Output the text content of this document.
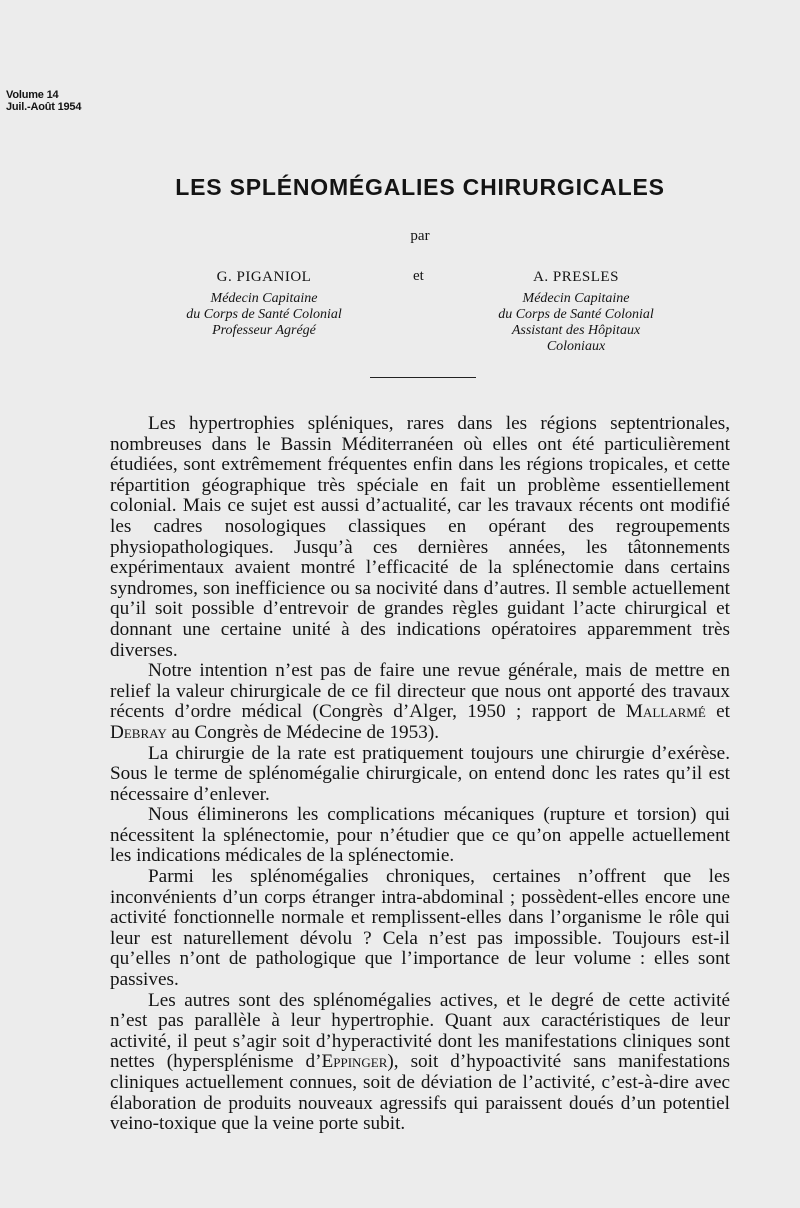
Volume 14
Juil.-Août 1954
LES SPLÉNOMÉGALIES CHIRURGICALES
par
G. PIGANIOL
Médecin Capitaine
du Corps de Santé Colonial
Professeur Agrégé
et	A. PRESLES
Médecin Capitaine
du Corps de Santé Colonial
Assistant des Hôpitaux
Coloniaux

Les hypertrophies spléniques, rares dans les régions septentrionales, nombreuses dans le Bassin Méditerranéen où elles ont été particulièrement étudiées, sont extrêmement fréquentes enfin dans les régions tropicales, et cette répartition géographique très spéciale en fait un problème essentiellement colonial. Mais ce sujet est aussi d’actualité, car les travaux récents ont modifié les cadres nosologiques classiques en opérant des regroupements physiopathologiques. Jusqu’à ces dernières années, les tâtonnements expérimentaux avaient montré l’efficacité de la splénectomie dans certains syndromes, son inefficience ou sa nocivité dans d’autres. Il semble actuellement qu’il soit possible d’entrevoir de grandes règles guidant l’acte chirurgical et donnant une certaine unité à des indications opératoires apparemment très diverses.

Notre intention n’est pas de faire une revue générale, mais de mettre en relief la valeur chirurgicale de ce fil directeur que nous ont apporté des travaux récents d’ordre médical (Congrès d’Alger, 1950 ; rapport de Mallarmé et Debray au Congrès de Médecine de 1953).

La chirurgie de la rate est pratiquement toujours une chirurgie d’exérèse. Sous le terme de splénomégalie chirurgicale, on entend donc les rates qu’il est nécessaire d’enlever.

Nous éliminerons les complications mécaniques (rupture et torsion) qui nécessitent la splénectomie, pour n’étudier que ce qu’on appelle actuellement les indications médicales de la splénectomie.

Parmi les splénomégalies chroniques, certaines n’offrent que les inconvénients d’un corps étranger intra-abdominal ; possèdent-elles encore une activité fonctionnelle normale et remplissent-elles dans l’organisme le rôle qui leur est naturellement dévolu ? Cela n’est pas impossible. Toujours est-il qu’elles n’ont de pathologique que l’importance de leur volume : elles sont passives.

Les autres sont des splénomégalies actives, et le degré de cette activité n’est pas parallèle à leur hypertrophie. Quant aux caractéristiques de leur activité, il peut s’agir soit d’hyperactivité dont les manifestations cliniques sont nettes (hypersplénisme d’Eppinger), soit d’hypoactivité sans manifestations cliniques actuellement connues, soit de déviation de l’activité, c’est-à-dire avec élaboration de produits nouveaux agressifs qui paraissent doués d’un potentiel veino-toxique que la veine porte subit.
